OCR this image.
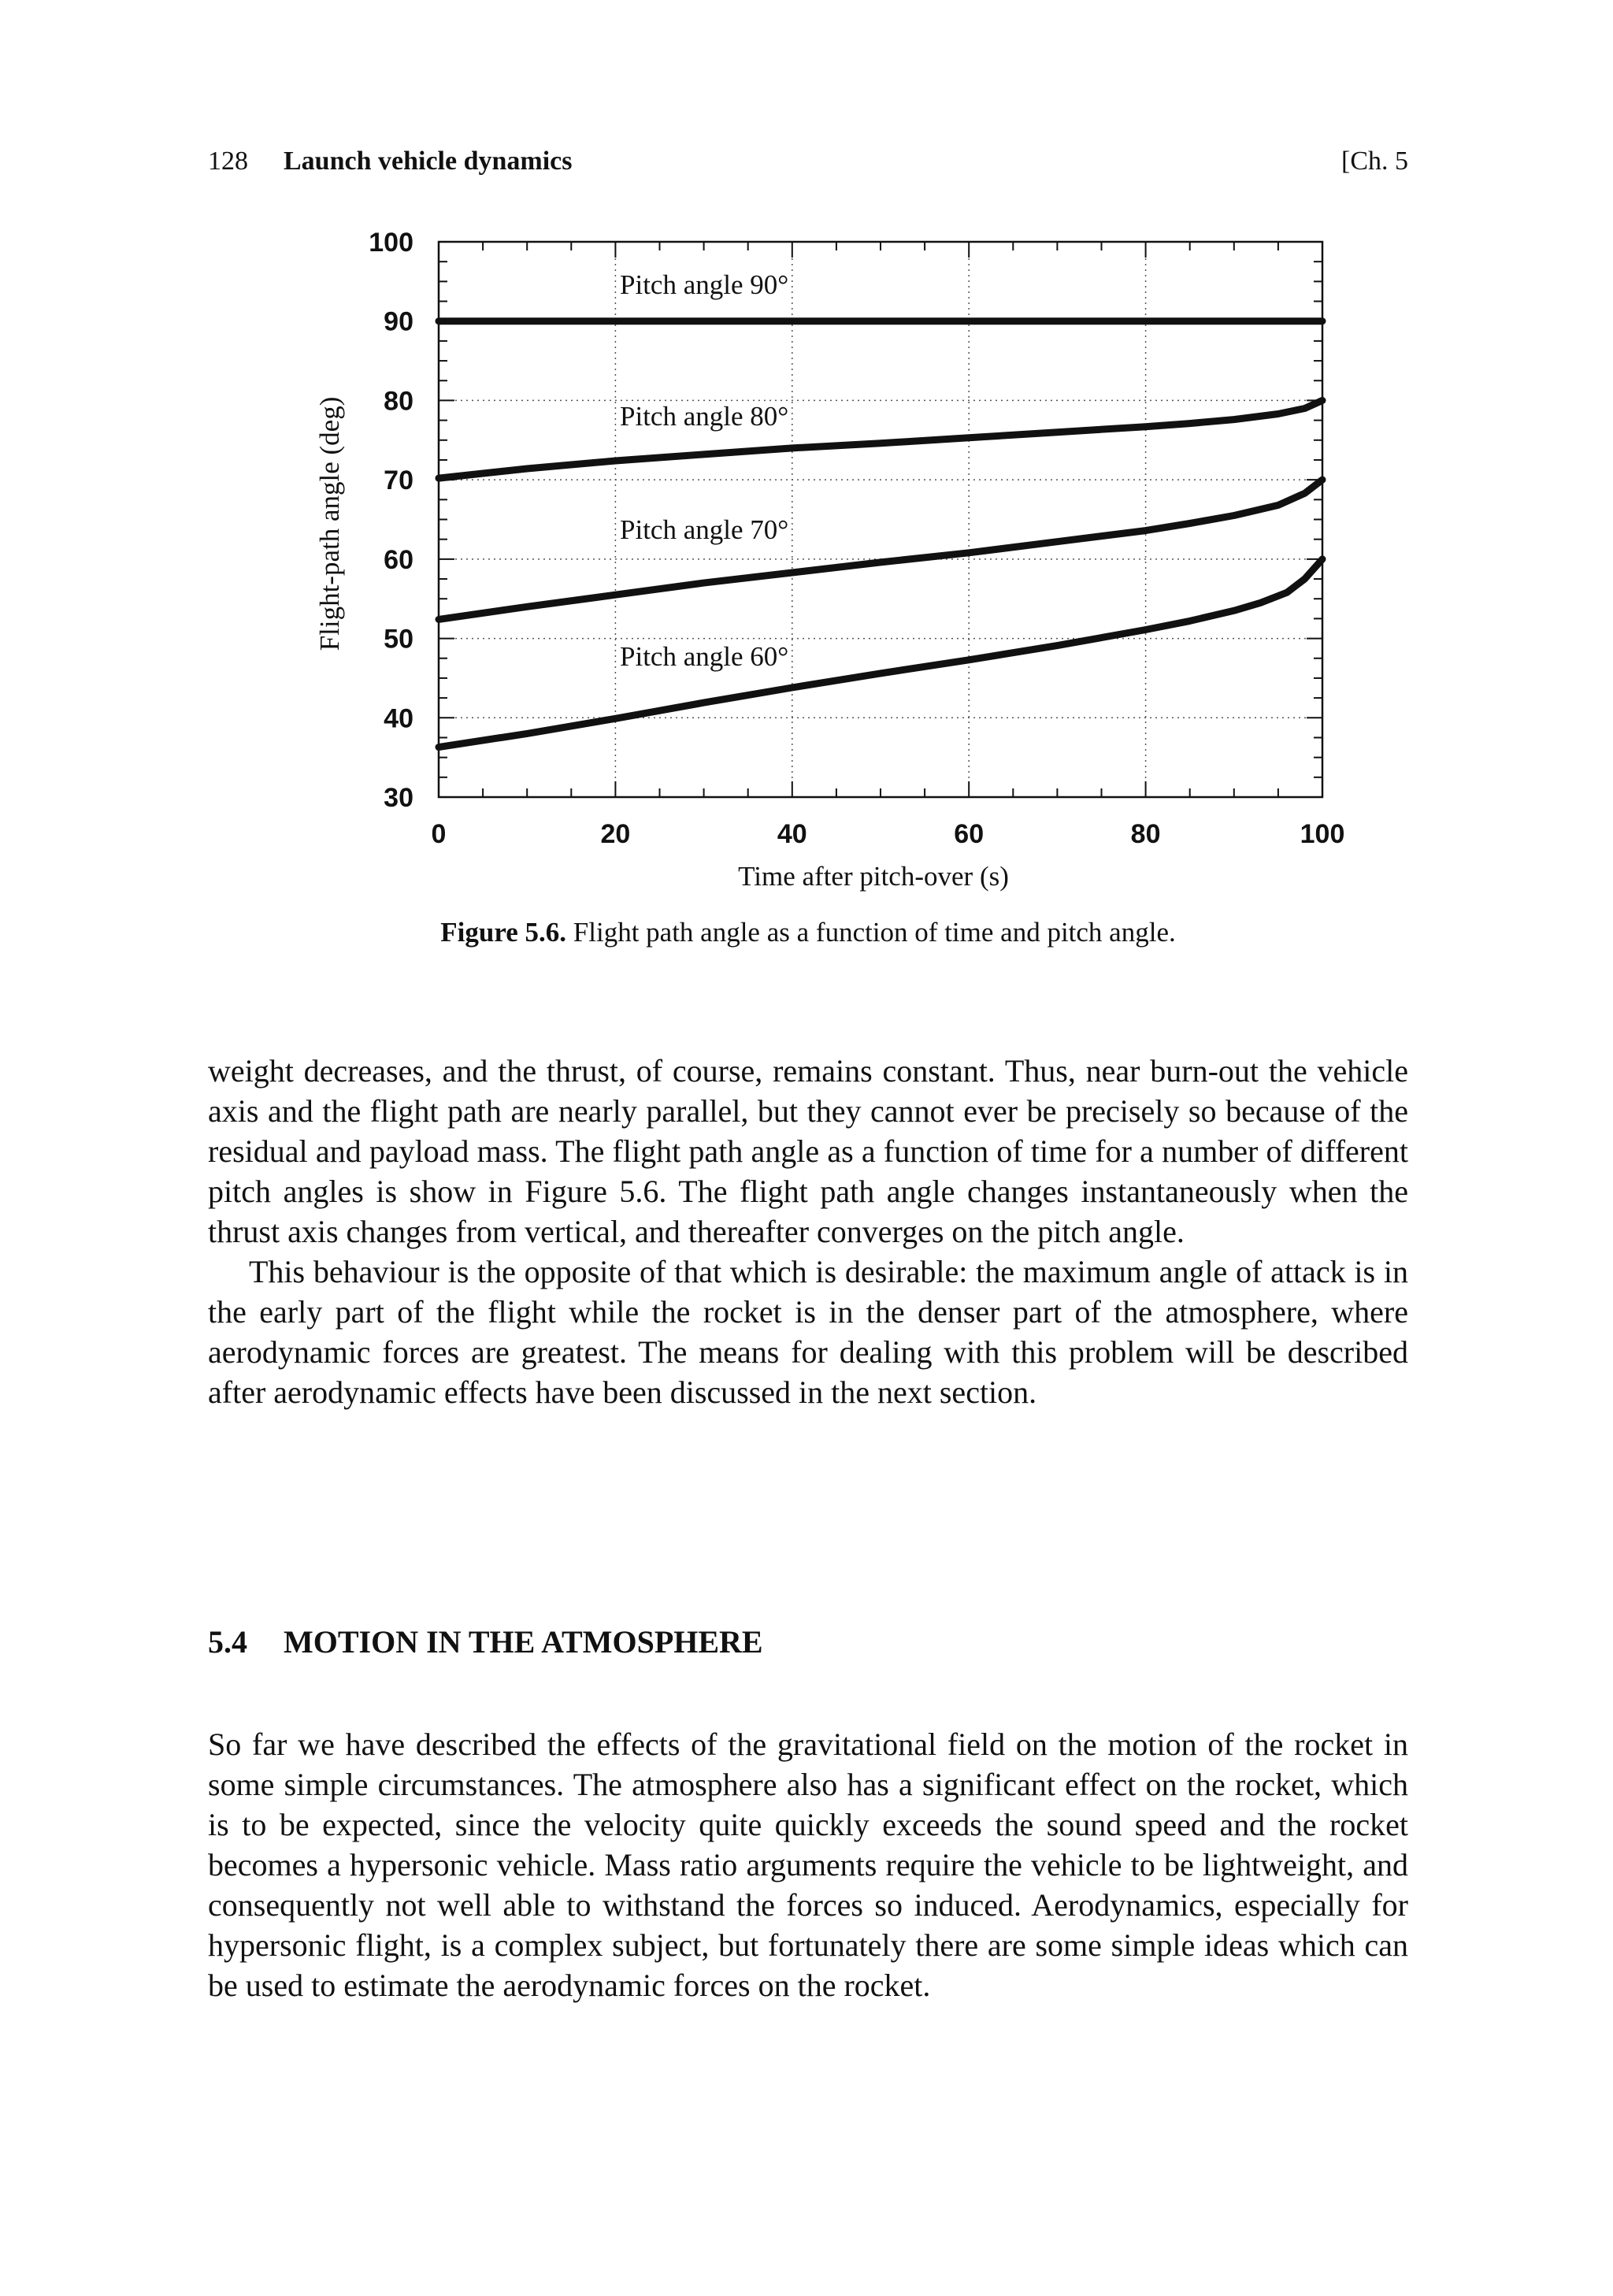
128 Launch vehicle dynamics	[Ch. 5
0	20	40	60	80	100
30
40
50
60
70
80
90
100
Pitch angle 90°
Pitch angle 80°
Pitch angle 70°
Pitch angle 60°
Time after pitch-over (s)
Flight-path angle (deg)
Figure 5.6. Flight path angle as a function of time and pitch angle.

weight decreases, and the thrust, of course, remains constant. Thus, near burn-out the vehicle axis and the flight path are nearly parallel, but they cannot ever be precisely so because of the residual and payload mass. The flight path angle as a function of time for a number of different pitch angles is show in Figure 5.6. The flight path angle changes instantaneously when the thrust axis changes from vertical, and thereafter converges on the pitch angle.

This behaviour is the opposite of that which is desirable: the maximum angle of attack is in the early part of the flight while the rocket is in the denser part of the atmosphere, where aerodynamic forces are greatest. The means for dealing with this problem will be described after aerodynamic effects have been discussed in the next section.

5.4 MOTION IN THE ATMOSPHERE

So far we have described the effects of the gravitational field on the motion of the rocket in some simple circumstances. The atmosphere also has a significant effect on the rocket, which is to be expected, since the velocity quite quickly exceeds the sound speed and the rocket becomes a hypersonic vehicle. Mass ratio arguments require the vehicle to be lightweight, and consequently not well able to withstand the forces so induced. Aerodynamics, especially for hypersonic flight, is a complex subject, but fortunately there are some simple ideas which can be used to estimate the aerodynamic forces on the rocket.
